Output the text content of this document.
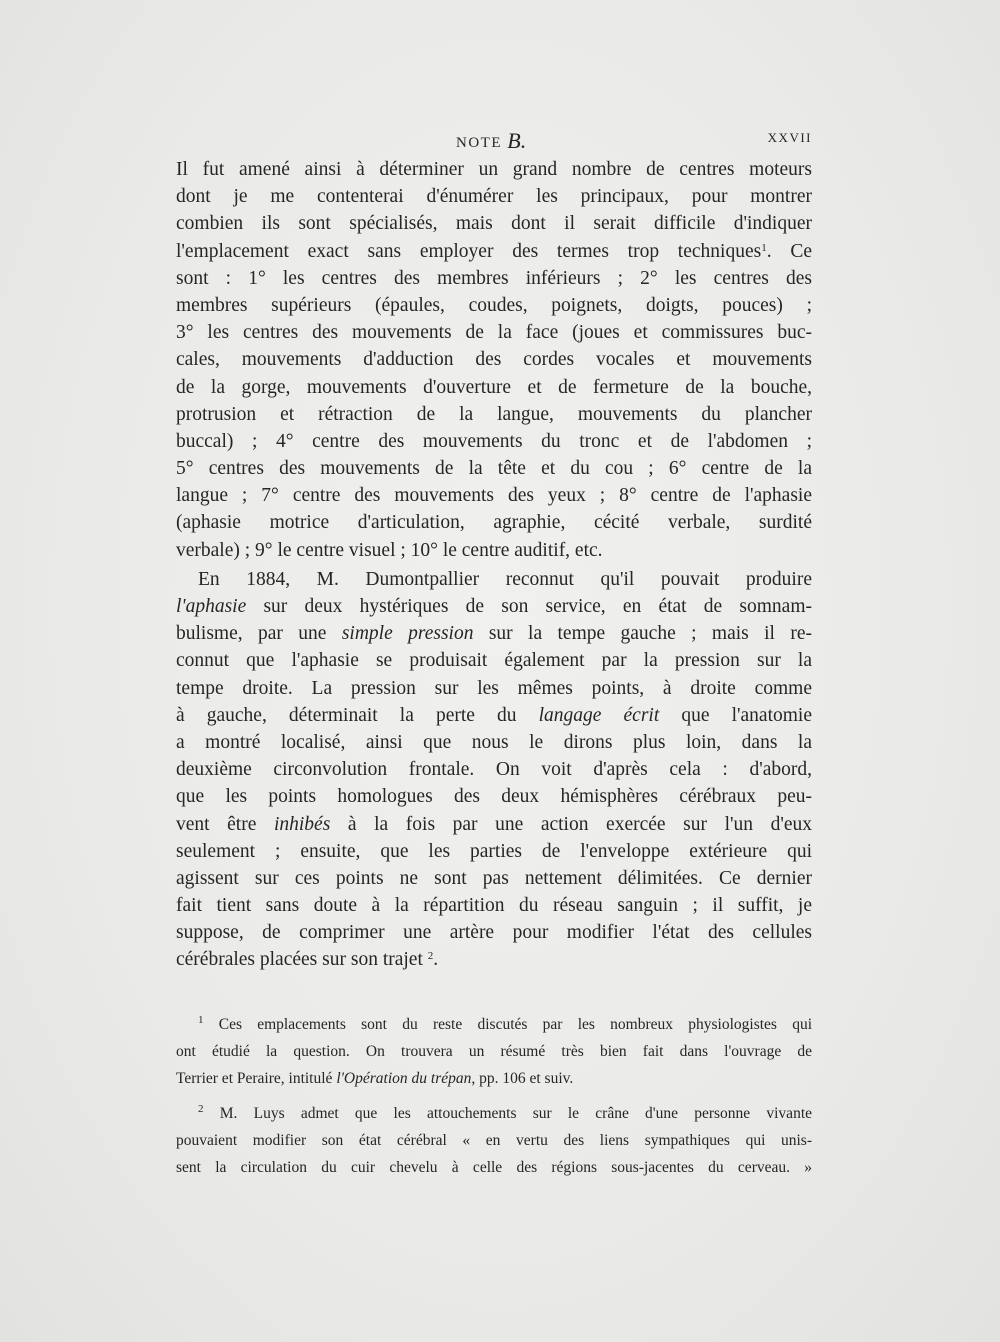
NOTE B.	XXVII
Il fut amené ainsi à déterminer un grand nombre de centres moteurs
dont je me contenterai d'énumérer les principaux, pour montrer
combien ils sont spécialisés, mais dont il serait difficile d'indiquer
l'emplacement exact sans employer des termes trop techniques$^1$. Ce
sont : 1° les centres des membres inférieurs ; 2° les centres des
membres supérieurs (épaules, coudes, poignets, doigts, pouces) ;
3° les centres des mouvements de la face (joues et commissures buc-
cales, mouvements d'adduction des cordes vocales et mouvements
de la gorge, mouvements d'ouverture et de fermeture de la bouche,
protrusion et rétraction de la langue, mouvements du plancher
buccal) ; 4° centre des mouvements du tronc et de l'abdomen ;
5° centres des mouvements de la tête et du cou ; 6° centre de la
langue ; 7° centre des mouvements des yeux ; 8° centre de l'aphasie
(aphasie motrice d'articulation, agraphie, cécité verbale, surdité
verbale) ; 9° le centre visuel ; 10° le centre auditif, etc.
En 1884, M. Dumontpallier reconnut qu'il pouvait produire
l'aphasie sur deux hystériques de son service, en état de somnam-
bulisme, par une simple pression sur la tempe gauche ; mais il re-
connut que l'aphasie se produisait également par la pression sur la
tempe droite. La pression sur les mêmes points, à droite comme
à gauche, déterminait la perte du langage écrit que l'anatomie
a montré localisé, ainsi que nous le dirons plus loin, dans la
deuxième circonvolution frontale. On voit d'après cela : d'abord,
que les points homologues des deux hémisphères cérébraux peu-
vent être inhibés à la fois par une action exercée sur l'un d'eux
seulement ; ensuite, que les parties de l'enveloppe extérieure qui
agissent sur ces points ne sont pas nettement délimitées. Ce dernier
fait tient sans doute à la répartition du réseau sanguin ; il suffit, je
suppose, de comprimer une artère pour modifier l'état des cellules
cérébrales placées sur son trajet $^2$.
$^1$ Ces emplacements sont du reste discutés par les nombreux physiologistes qui
ont étudié la question. On trouvera un résumé très bien fait dans l'ouvrage de
Terrier et Peraire, intitulé l'Opération du trépan, pp. 106 et suiv.
$^2$ M. Luys admet que les attouchements sur le crâne d'une personne vivante
pouvaient modifier son état cérébral « en vertu des liens sympathiques qui unis-
sent la circulation du cuir chevelu à celle des régions sous-jacentes du cerveau. »
